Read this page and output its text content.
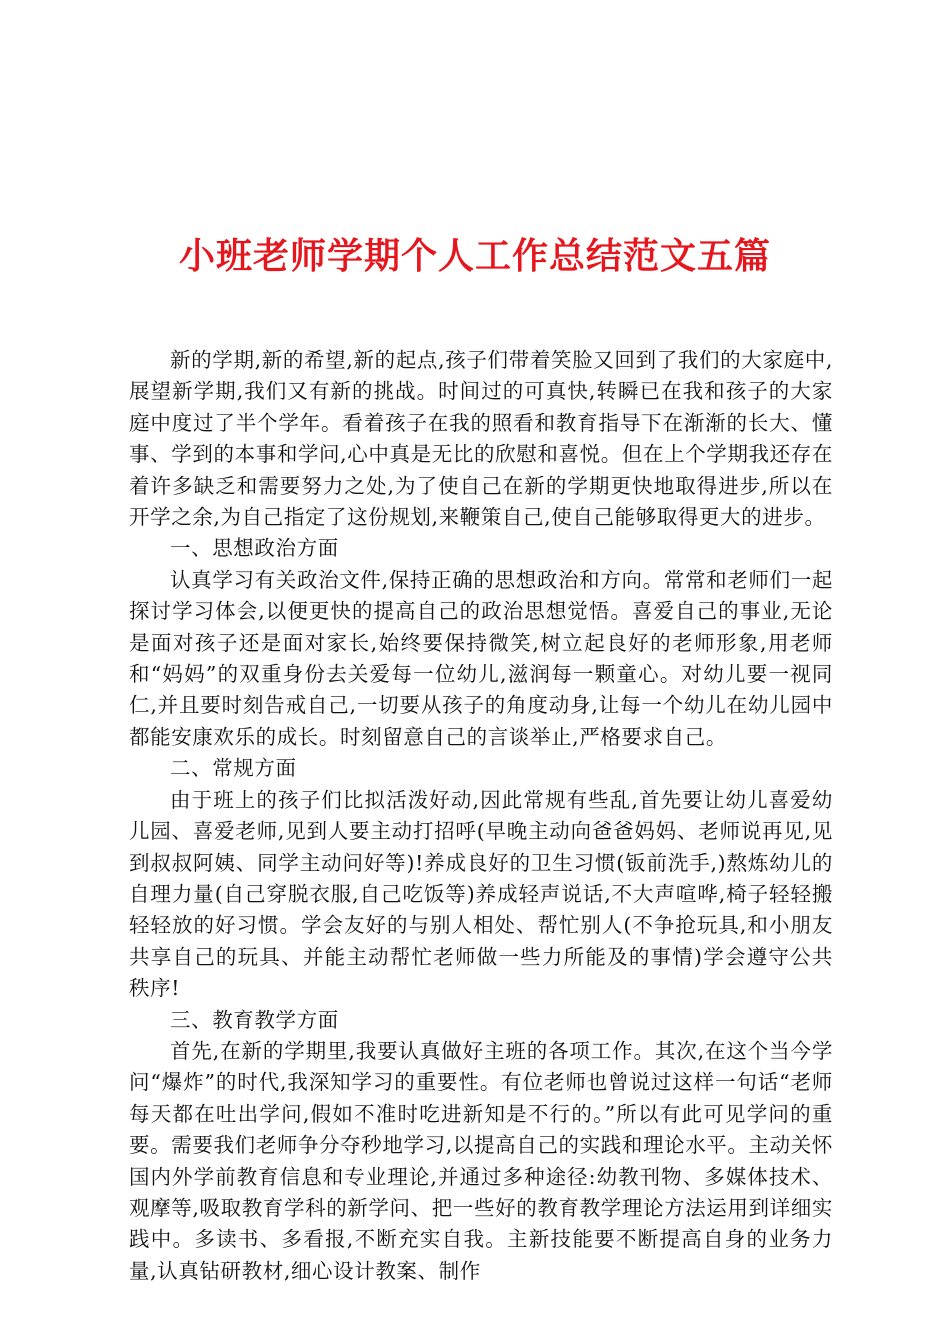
小班老师学期个人工作总结范文五篇

新的学期,新的希望,新的起点,孩子们带着笑脸又回到了我们的大家庭中,展望新学期,我们又有新的挑战。时间过的可真快,转瞬已在我和孩子的大家庭中度过了半个学年。看着孩子在我的照看和教育指导下在渐渐的长大、懂事、学到的本事和学问,心中真是无比的欣慰和喜悦。但在上个学期我还存在着许多缺乏和需要努力之处,为了使自己在新的学期更快地取得进步,所以在开学之余,为自己指定了这份规划,来鞭策自己,使自己能够取得更大的进步。

一、思想政治方面

认真学习有关政治文件,保持正确的思想政治和方向。常常和老师们一起探讨学习体会,以便更快的提高自己的政治思想觉悟。喜爱自己的事业,无论是面对孩子还是面对家长,始终要保持微笑,树立起良好的老师形象,用老师和“妈妈”的双重身份去关爱每一位幼儿,滋润每一颗童心。对幼儿要一视同仁,并且要时刻告戒自己,一切要从孩子的角度动身,让每一个幼儿在幼儿园中都能安康欢乐的成长。时刻留意自己的言谈举止,严格要求自己。

二、常规方面

由于班上的孩子们比拟活泼好动,因此常规有些乱,首先要让幼儿喜爱幼儿园、喜爱老师,见到人要主动打招呼(早晚主动向爸爸妈妈、老师说再见,见到叔叔阿姨、同学主动问好等)!养成良好的卫生习惯(钣前洗手,)熬炼幼儿的自理力量(自己穿脱衣服,自己吃饭等)养成轻声说话,不大声喧哗,椅子轻轻搬轻轻放的好习惯。学会友好的与别人相处、帮忙别人(不争抢玩具,和小朋友共享自己的玩具、并能主动帮忙老师做一些力所能及的事情)学会遵守公共秩序!

三、教育教学方面

首先,在新的学期里,我要认真做好主班的各项工作。其次,在这个当今学问“爆炸”的时代,我深知学习的重要性。有位老师也曾说过这样一句话“老师每天都在吐出学问,假如不准时吃进新知是不行的。”所以有此可见学问的重要。需要我们老师争分夺秒地学习,以提高自己的实践和理论水平。主动关怀国内外学前教育信息和专业理论,并通过多种途径:幼教刊物、多媒体技术、观摩等,吸取教育学科的新学问、把一些好的教育教学理论方法运用到详细实践中。多读书、多看报,不断充实自我。主新技能要不断提高自身的业务力量,认真钻研教材,细心设计教案、制作
